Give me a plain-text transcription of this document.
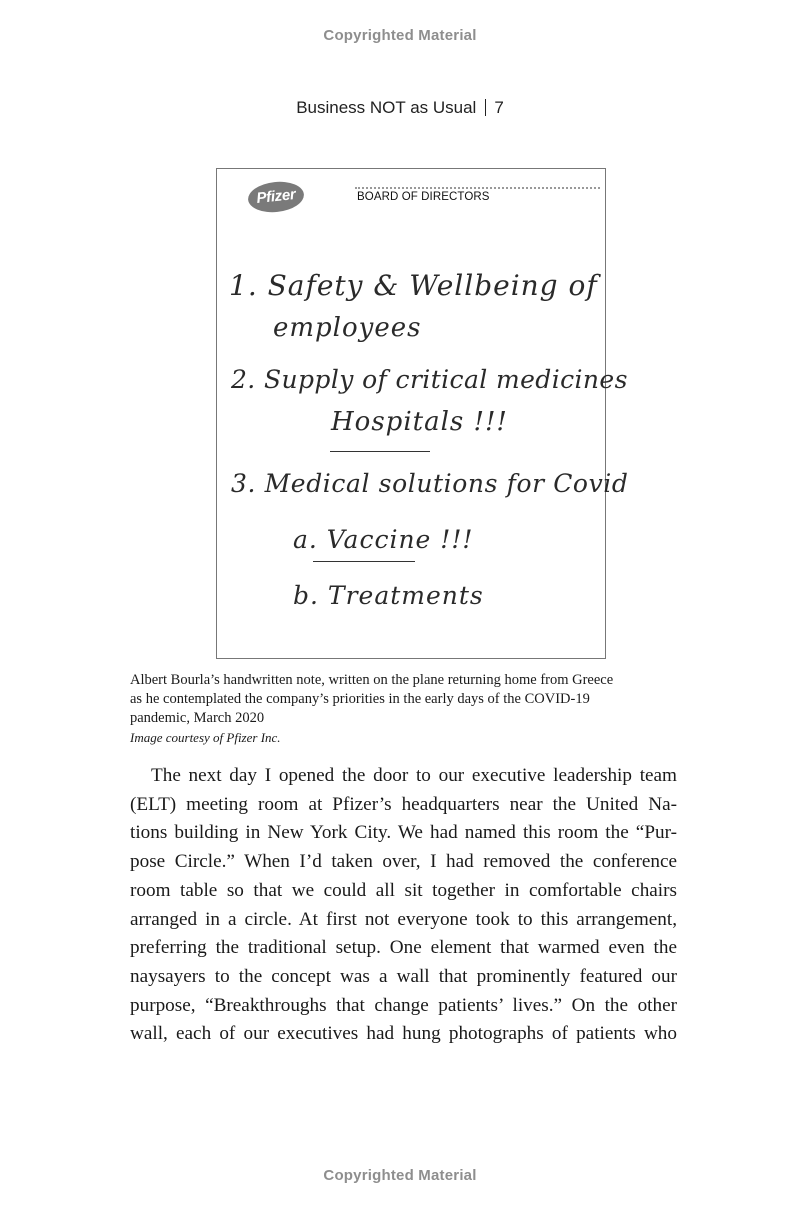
Copyrighted Material
Business NOT as Usual 7
Pfizer	BOARD OF DIRECTORS
1. Safety & Wellbeing of
employees
2. Supply of critical medicines
Hospitals !!!
3. Medical solutions for Covid
a. Vaccine !!!
b. Treatments
Albert Bourla’s handwritten note, written on the plane returning home from Greece
as he contemplated the company’s priorities in the early days of the COVID-19
pandemic, March 2020
Image courtesy of Pfizer Inc.
The next day I opened the door to our executive leadership team
(ELT) meeting room at Pfizer’s headquarters near the United Na-
tions building in New York City. We had named this room the “Pur-
pose Circle.” When I’d taken over, I had removed the conference
room table so that we could all sit together in comfortable chairs
arranged in a circle. At first not everyone took to this arrangement,
preferring the traditional setup. One element that warmed even the
naysayers to the concept was a wall that prominently featured our
purpose, “Breakthroughs that change patients’ lives.” On the other
wall, each of our executives had hung photographs of patients who
Copyrighted Material
